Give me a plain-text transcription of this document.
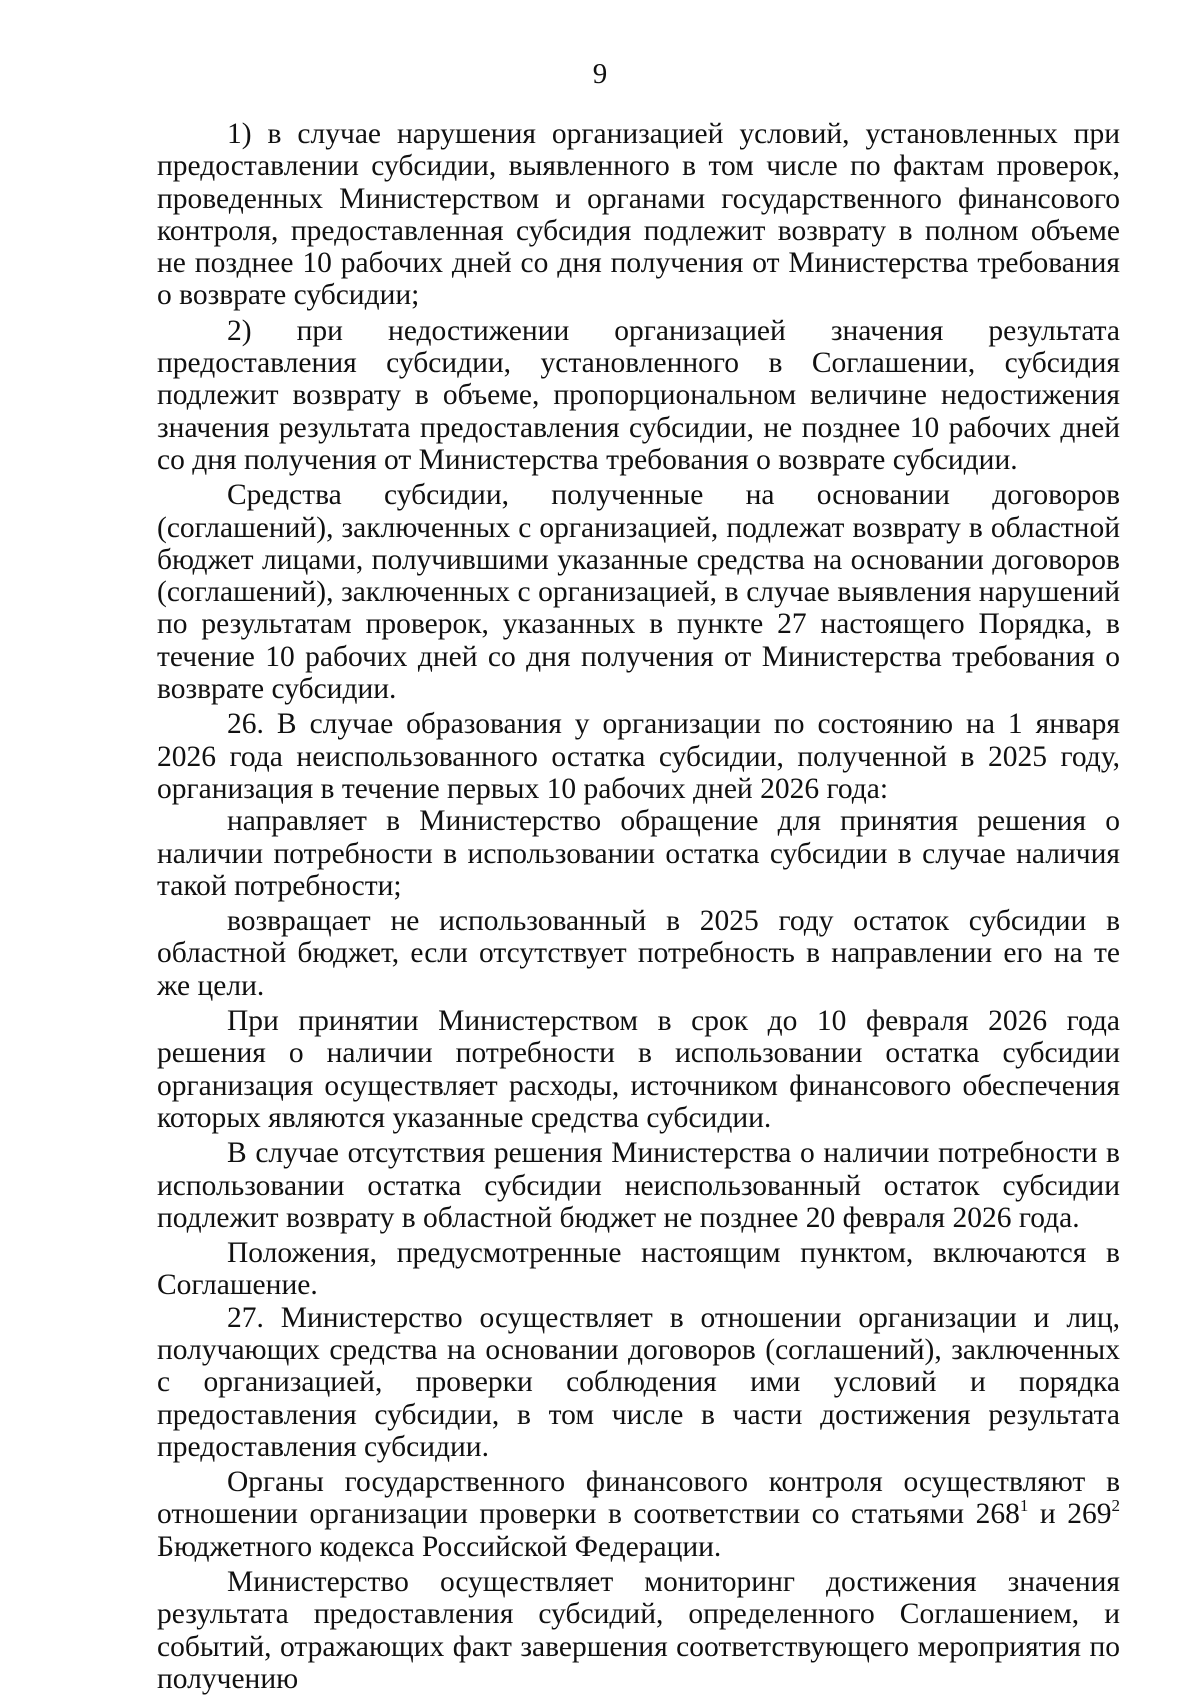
9

1) в случае нарушения организацией условий, установленных при предоставлении субсидии, выявленного в том числе по фактам проверок, проведенных Министерством и органами государственного финансового контроля, предоставленная субсидия подлежит возврату в полном объеме не позднее 10 рабочих дней со дня получения от Министерства требования о возврате субсидии;

2) при недостижении организацией значения результата предоставления субсидии, установленного в Соглашении, субсидия подлежит возврату в объеме, пропорциональном величине недостижения значения результата предоставления субсидии, не позднее 10 рабочих дней со дня получения от Министерства требования о возврате субсидии.

Средства субсидии, полученные на основании договоров (соглашений), заключенных с организацией, подлежат возврату в областной бюджет лицами, получившими указанные средства на основании договоров (соглашений), заключенных с организацией, в случае выявления нарушений по результатам проверок, указанных в пункте 27 настоящего Порядка, в течение 10 рабочих дней со дня получения от Министерства требования о возврате субсидии.

26. В случае образования у организации по состоянию на 1 января 2026 года неиспользованного остатка субсидии, полученной в 2025 году, организация в течение первых 10 рабочих дней 2026 года:

направляет в Министерство обращение для принятия решения о наличии потребности в использовании остатка субсидии в случае наличия такой потребности;

возвращает не использованный в 2025 году остаток субсидии в областной бюджет, если отсутствует потребность в направлении его на те же цели.

При принятии Министерством в срок до 10 февраля 2026 года решения о наличии потребности в использовании остатка субсидии организация осуществляет расходы, источником финансового обеспечения которых являются указанные средства субсидии.

В случае отсутствия решения Министерства о наличии потребности в использовании остатка субсидии неиспользованный остаток субсидии подлежит возврату в областной бюджет не позднее 20 февраля 2026 года.

Положения, предусмотренные настоящим пунктом, включаются в Соглашение.

27. Министерство осуществляет в отношении организации и лиц, получающих средства на основании договоров (соглашений), заключенных с организацией, проверки соблюдения ими условий и порядка предоставления субсидии, в том числе в части достижения результата предоставления субсидии.

Органы государственного финансового контроля осуществляют в отношении организации проверки в соответствии со статьями $268^1$ и $269^2$ Бюджетного кодекса Российской Федерации.

Министерство осуществляет мониторинг достижения значения результата предоставления субсидий, определенного Соглашением, и событий, отражающих факт завершения соответствующего мероприятия по получению
